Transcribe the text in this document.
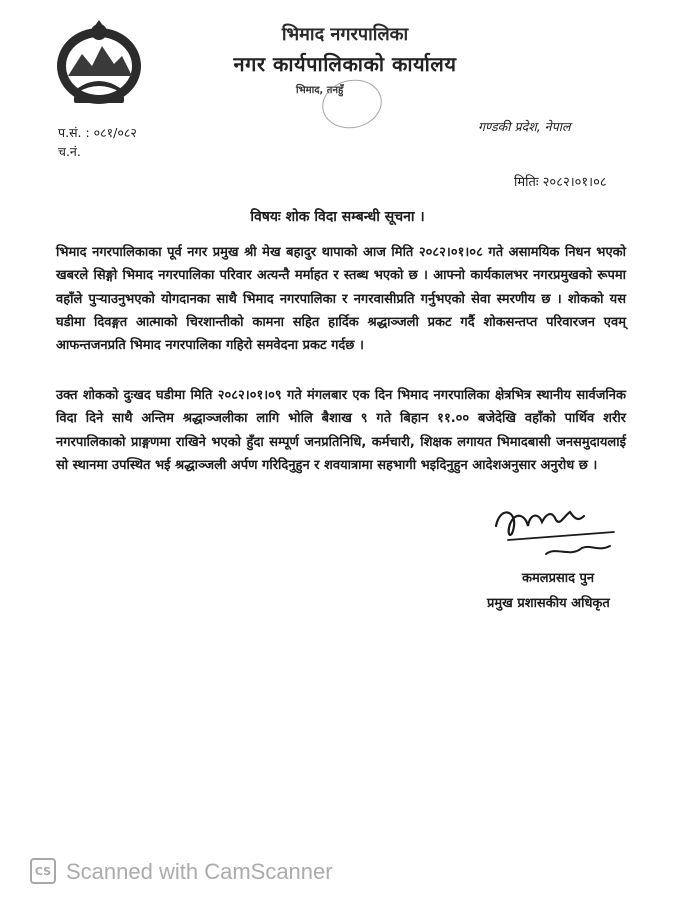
भिमाद नगरपालिका
नगर कार्यपालिकाको कार्यालय
भिमाद, तनहुँ
प.सं. : ०८१/०८२
च.नं.
गण्डकी प्रदेश, नेपाल
मितिः २०८२।०१।०८
विषयः शोक विदा सम्बन्धी सूचना ।

भिमाद नगरपालिकाका पूर्व नगर प्रमुख श्री मेख बहादुर थापाको आज मिति २०८२।०१।०८ गते असामयिक निधन भएको खबरले सिङ्गो भिमाद नगरपालिका परिवार अत्यन्तै मर्माहत र स्तब्ध भएको छ । आफ्नो कार्यकालभर नगरप्रमुखको रूपमा वहाँले पुर्‍याउनुभएको योगदानका साथै भिमाद नगरपालिका र नगरवासीप्रति गर्नुभएको सेवा स्मरणीय छ । शोकको यस घडीमा दिवङ्गत आत्माको चिरशान्तीको कामना सहित हार्दिक श्रद्धाञ्जली प्रकट गर्दै शोकसन्तप्त परिवारजन एवम् आफन्तजनप्रति भिमाद नगरपालिका गहिरो समवेदना प्रकट गर्दछ ।

उक्त शोकको दुःखद घडीमा मिति २०८२।०१।०९ गते मंगलबार एक दिन भिमाद नगरपालिका क्षेत्रभित्र स्थानीय सार्वजनिक विदा दिने साथै अन्तिम श्रद्धाञ्जलीका लागि भोलि बैशाख ९ गते बिहान ११.०० बजेदेखि वहाँको पार्थिव शरीर नगरपालिकाको प्राङ्गणमा राखिने भएको हुँदा सम्पूर्ण जनप्रतिनिधि, कर्मचारी, शिक्षक लगायत भिमादबासी जनसमुदायलाई सो स्थानमा उपस्थित भई श्रद्धाञ्जली अर्पण गरिदिनुहुन र शवयात्रामा सहभागी भइदिनुहुन आदेशअनुसार अनुरोध छ ।

कमलप्रसाद पुन
प्रमुख प्रशासकीय अधिकृत
CS Scanned with CamScanner
